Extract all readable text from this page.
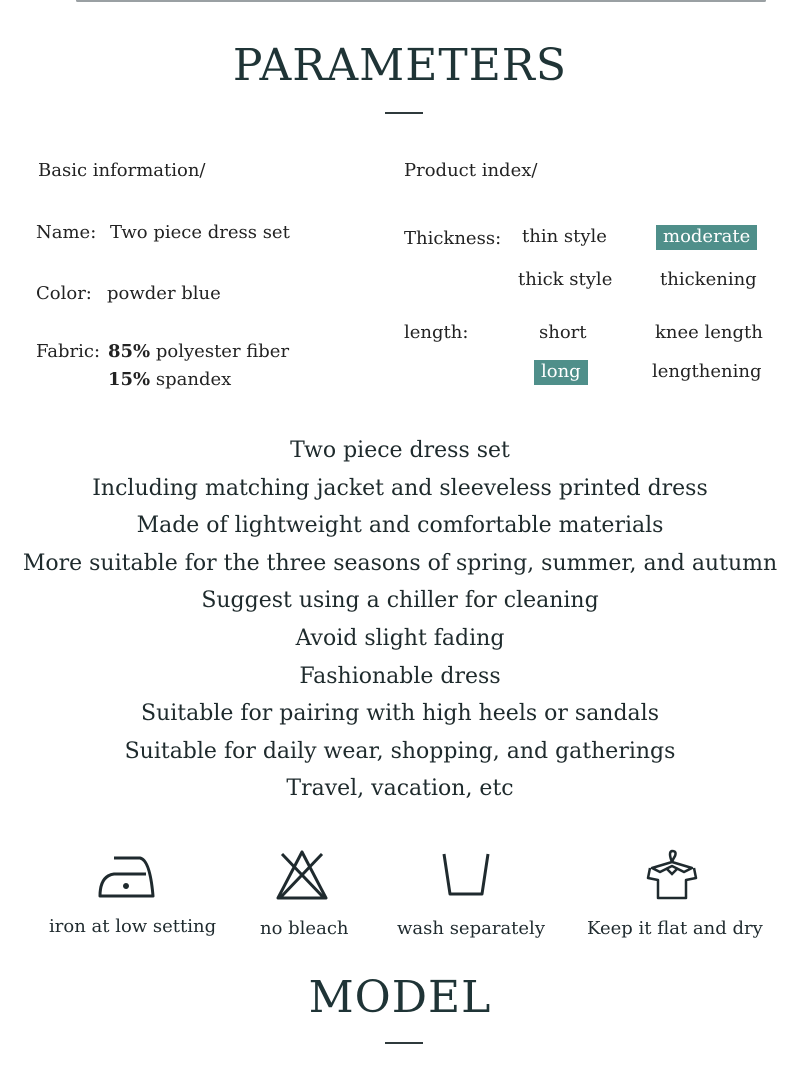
PARAMETERS
Basic information/
Name: Two piece dress set
Color: powder blue
Fabric: 85% polyester fiber
15% spandex
Product index/
Thickness: thin style	moderate
thick style	thickening
length:	short	knee length
long	lengthening
Two piece dress set
Including matching jacket and sleeveless printed dress
Made of lightweight and comfortable materials
More suitable for the three seasons of spring, summer, and autumn
Suggest using a chiller for cleaning
Avoid slight fading
Fashionable dress
Suitable for pairing with high heels or sandals
Suitable for daily wear, shopping, and gatherings
Travel, vacation, etc
iron at low setting no bleach	wash separately Keep it flat and dry
MODEL
